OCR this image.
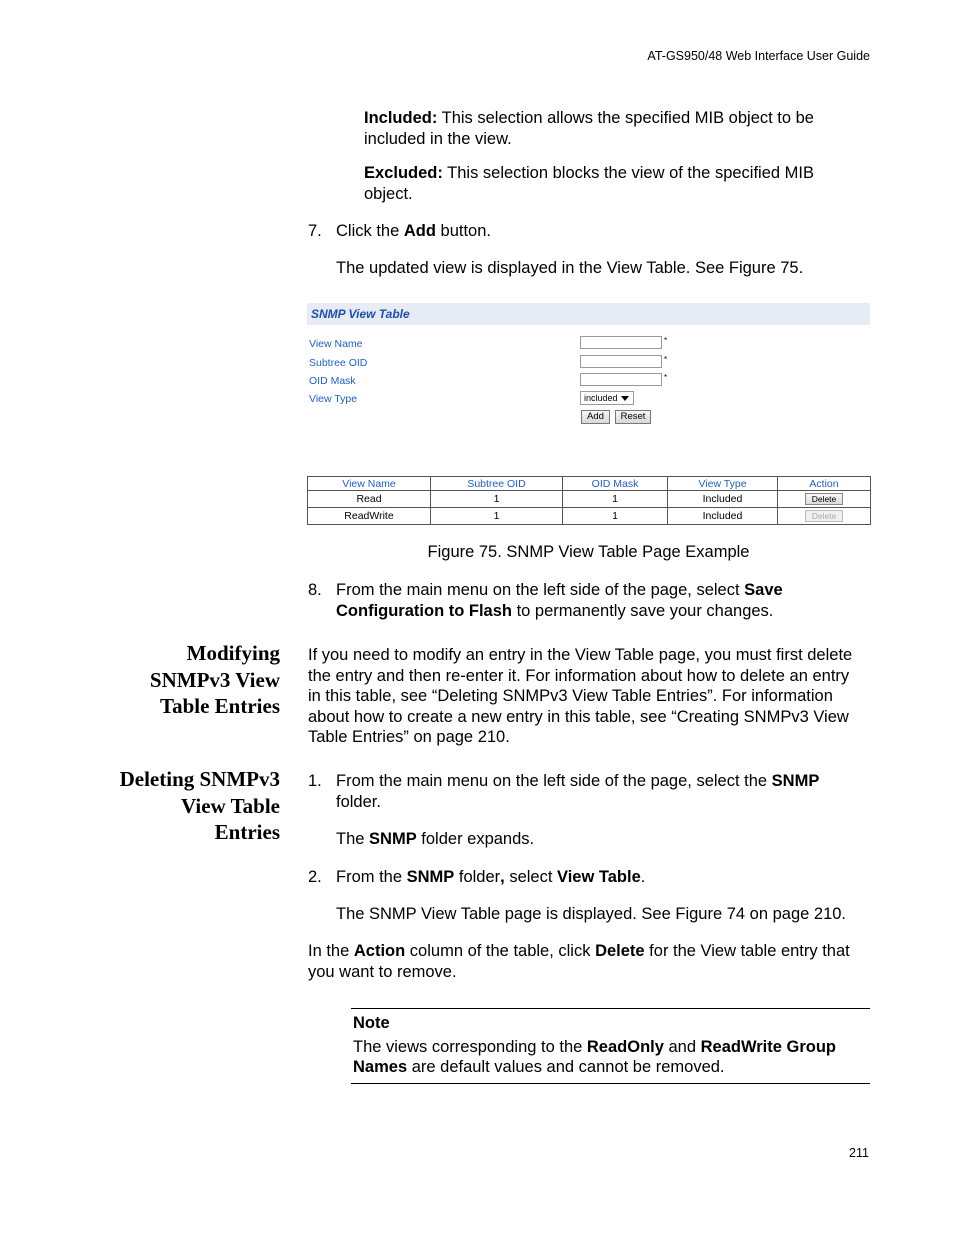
AT-GS950/48 Web Interface User Guide
Included: This selection allows the specified MIB object to be
included in the view.
Excluded: This selection blocks the view of the specified MIB
object.
7. Click the Add button.
The updated view is displayed in the View Table. See Figure 75.
SNMP View Table
View Name	*
Subtree OID	*
OID Mask	*
View Type	included
Add	Reset
View Name	Subtree OID	OID Mask	View Type	Action
Read	1	1	Included	Delete
ReadWrite	1	1	Included	Delete
Figure 75. SNMP View Table Page Example
8. From the main menu on the left side of the page, select Save
Configuration to Flash to permanently save your changes.
Modifying
SNMPv3 View
Table Entries
If you need to modify an entry in the View Table page, you must first delete
the entry and then re-enter it. For information about how to delete an entry
in this table, see “Deleting SNMPv3 View Table Entries”. For information
about how to create a new entry in this table, see “Creating SNMPv3 View
Table Entries” on page 210.
Deleting SNMPv3
View Table
Entries
1. From the main menu on the left side of the page, select the SNMP
folder.
The SNMP folder expands.
2. From the SNMP folder, select View Table.
The SNMP View Table page is displayed. See Figure 74 on page 210.
In the Action column of the table, click Delete for the View table entry that
you want to remove.
Note
The views corresponding to the ReadOnly and ReadWrite Group
Names are default values and cannot be removed.
211
